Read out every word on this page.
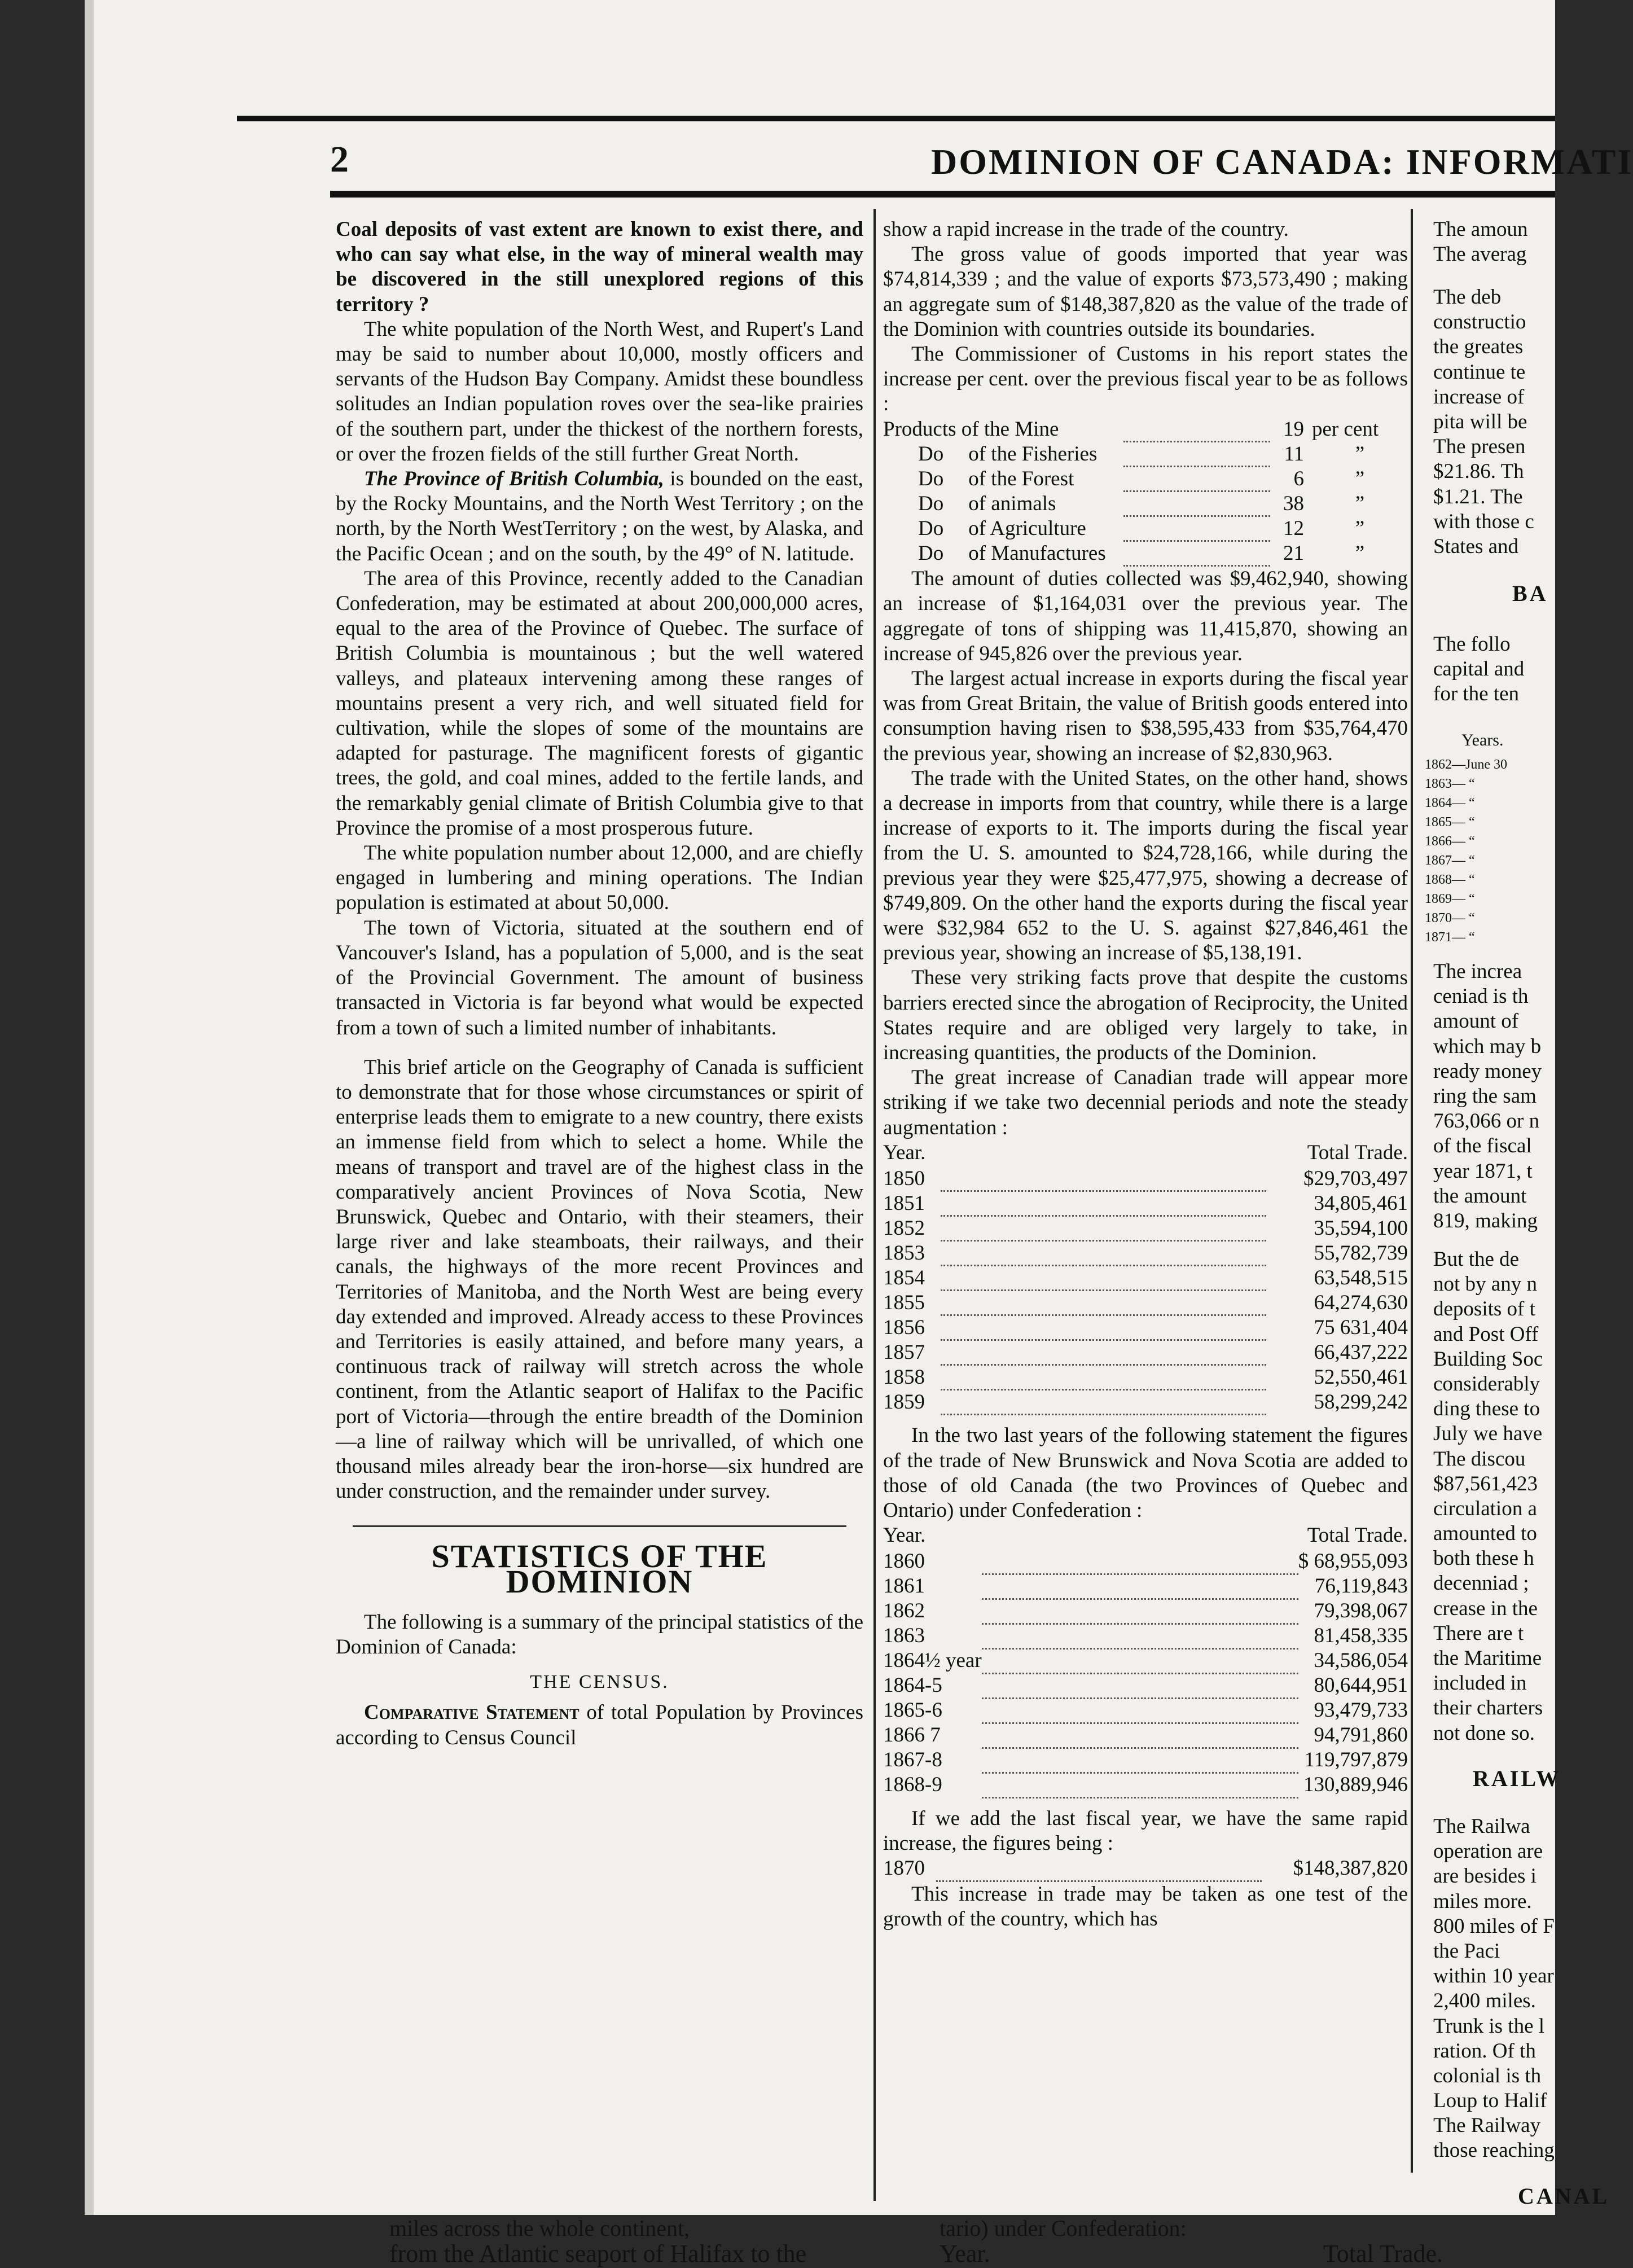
2	DOMINION OF CANADA: INFORMATI

Coal deposits of vast extent are known to exist there, and who can say what else, in the way of mineral wealth may be discovered in the still unexplored regions of this territory ?

The white population of the North West, and Rupert's Land may be said to number about 10,000, mostly officers and servants of the Hudson Bay Company. Amidst these boundless solitudes an Indian population roves over the sea-like prairies of the southern part, under the thickest of the northern forests, or over the frozen fields of the still further Great North.

The Province of British Columbia, is bounded on the east, by the Rocky Mountains, and the North West Territory ; on the north, by the North WestTerritory ; on the west, by Alaska, and the Pacific Ocean ; and on the south, by the 49° of N. latitude.

The area of this Province, recently added to the Canadian Confederation, may be estimated at about 200,000,000 acres, equal to the area of the Province of Quebec. The surface of British Columbia is mountainous ; but the well watered valleys, and plateaux intervening among these ranges of mountains present a very rich, and well situated field for cultivation, while the slopes of some of the mountains are adapted for pasturage. The magnificent forests of gigantic trees, the gold, and coal mines, added to the fertile lands, and the remarkably genial climate of British Columbia give to that Province the promise of a most prosperous future.

The white population number about 12,000, and are chiefly engaged in lumbering and mining operations. The Indian population is estimated at about 50,000.

The town of Victoria, situated at the southern end of Vancouver's Island, has a population of 5,000, and is the seat of the Provincial Government. The amount of business transacted in Victoria is far beyond what would be expected from a town of such a limited number of inhabitants.

This brief article on the Geography of Canada is sufficient to demonstrate that for those whose circumstances or spirit of enterprise leads them to emigrate to a new country, there exists an immense field from which to select a home. While the means of transport and travel are of the highest class in the comparatively ancient Provinces of Nova Scotia, New Brunswick, Quebec and Ontario, with their steamers, their large river and lake steamboats, their railways, and their canals, the highways of the more recent Provinces and Territories of Manitoba, and the North West are being every day extended and improved. Already access to these Provinces and Territories is easily attained, and before many years, a continuous track of railway will stretch across the whole continent, from the Atlantic seaport of Halifax to the Pacific port of Victoria—through the entire breadth of the Dominion—a line of railway which will be unrivalled, of which one thousand miles already bear the iron-horse—six hundred are under construction, and the remainder under survey.

STATISTICS OF THE DOMINION

The following is a summary of the principal statistics of the Dominion of Canada:

THE CENSUS.

Comparative Statement of total Population by Provinces according to Census Council

show a rapid increase in the trade of the country.

The gross value of goods imported that year was $74,814,339 ; and the value of exports $73,573,490 ; making an aggregate sum of $148,387,820 as the value of the trade of the Dominion with countries outside its boundaries.

The Commissioner of Customs in his report states the increase per cent. over the previous fiscal year to be as follows :

Products of the Mine		19	per cent
Do of the Fisheries		11	”
Do of the Forest		6	”
Do of animals		38	”
Do of Agriculture		12	”
Do of Manufactures		21	”

The amount of duties collected was $9,462,940, showing an increase of $1,164,031 over the previous year. The aggregate of tons of shipping was 11,415,870, showing an increase of 945,826 over the previous year.

The largest actual increase in exports during the fiscal year was from Great Britain, the value of British goods entered into consumption having risen to $38,595,433 from $35,764,470 the previous year, showing an increase of $2,830,963.

The trade with the United States, on the other hand, shows a decrease in imports from that country, while there is a large increase of exports to it. The imports during the fiscal year from the U. S. amounted to $24,728,166, while during the previous year they were $25,477,975, showing a decrease of $749,809. On the other hand the exports during the fiscal year were $32,984 652 to the U. S. against $27,846,461 the previous year, showing an increase of $5,138,191.

These very striking facts prove that despite the customs barriers erected since the abrogation of Reciprocity, the United States require and are obliged very largely to take, in increasing quantities, the products of the Dominion.

The great increase of Canadian trade will appear more striking if we take two decennial periods and note the steady augmentation :

Year.		Total Trade.
1850		$29,703,497
1851		34,805,461
1852		35,594,100
1853		55,782,739
1854		63,548,515
1855		64,274,630
1856		75 631,404
1857		66,437,222
1858		52,550,461
1859		58,299,242

In the two last years of the following statement the figures of the trade of New Brunswick and Nova Scotia are added to those of old Canada (the two Provinces of Quebec and Ontario) under Confederation :

Year.		Total Trade.
1860		$ 68,955,093
1861		76,119,843
1862		79,398,067
1863		81,458,335
1864½ year		34,586,054
1864-5		80,644,951
1865-6		93,479,733
1866 7		94,791,860
1867-8		119,797,879
1868-9		130,889,946

If we add the last fiscal year, we have the same rapid increase, the figures being :

1870		$148,387,820

This increase in trade may be taken as one test of the growth of the country, which has

The amoun
The averag
The deb
constructio
the greates
continue te
increase of
pita will be
The presen
$21.86. Th
$1.21. The
with those c
States and
BA
The follo
capital and
for the ten
Years.
1862—June 30
1863— “
1864— “
1865— “
1866— “
1867— “
1868— “
1869— “
1870— “
1871— “
The increa
ceniad is th
amount of
which may b
ready money
ring the sam
763,066 or n
of the fiscal
year 1871, t
the amount
819, making
But the de
not by any n
deposits of t
and Post Off
Building Soc
considerably
ding these to
July we have
The discou
$87,561,423
circulation a
amounted to
both these h
decenniad ;
crease in the
There are t
the Maritime
included in
their charters
not done so.
RAILW
The Railwa
operation are
are besides i
miles more.
800 miles of F
the Paci
within 10 year
2,400 miles.
Trunk is the l
ration. Of th
colonial is th
Loup to Halif
The Railway
those reaching
CANAL
miles across the whole continent,
from the Atlantic seaport of Halifax to the
tario) under Confederation:
Year.	Total Trade.
